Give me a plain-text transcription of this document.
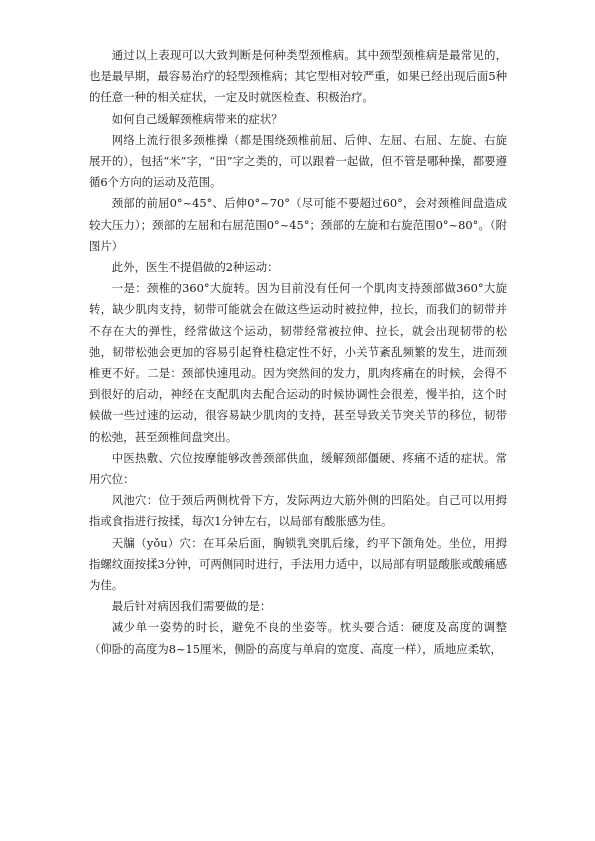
通过以上表现可以大致判断是何种类型颈椎病。其中颈型颈椎病是最常见的，也是最早期，最容易治疗的轻型颈椎病；其它型相对较严重，如果已经出现后面5种的任意一种的相关症状，一定及时就医检查、积极治疗。

如何自己缓解颈椎病带来的症状？

网络上流行很多颈椎操（都是围绕颈椎前屈、后伸、左屈、右屈、左旋、右旋展开的），包括“米”字，“田”字之类的，可以跟着一起做，但不管是哪种操，都要遵循6个方向的运动及范围。

颈部的前屈0°~45°、后伸0°~70°（尽可能不要超过60°，会对颈椎间盘造成较大压力）；颈部的左屈和右屈范围0°~45°；颈部的左旋和右旋范围0°~80°。（附图片）

此外，医生不提倡做的2种运动：

一是：颈椎的360°大旋转。因为目前没有任何一个肌肉支持颈部做360°大旋转，缺少肌肉支持，韧带可能就会在做这些运动时被拉伸，拉长，而我们的韧带并不存在大的弹性，经常做这个运动，韧带经常被拉伸、拉长，就会出现韧带的松弛，韧带松弛会更加的容易引起脊柱稳定性不好，小关节紊乱频繁的发生，进而颈椎更不好。二是：颈部快速甩动。因为突然间的发力，肌肉疼痛在的时候，会得不到很好的启动，神经在支配肌肉去配合运动的时候协调性会很差，慢半拍，这个时候做一些过速的运动，很容易缺少肌肉的支持，甚至导致关节突关节的移位，韧带的松弛，甚至颈椎间盘突出。

中医热敷、穴位按摩能够改善颈部供血，缓解颈部僵硬、疼痛不适的症状。常用穴位：

风池穴：位于颈后两侧枕骨下方，发际两边大筋外侧的凹陷处。自己可以用拇指或食指进行按揉，每次1分钟左右，以局部有酸胀感为佳。

天牖（yǒu）穴：在耳朵后面，胸锁乳突肌后缘，约平下颌角处。坐位，用拇指螺纹面按揉3分钟，可两侧同时进行，手法用力适中，以局部有明显酸胀或酸痛感为佳。

最后针对病因我们需要做的是：

减少单一姿势的时长，避免不良的坐姿等。枕头要合适：硬度及高度的调整（仰卧的高度为8~15厘米，侧卧的高度与单肩的宽度、高度一样），质地应柔软，
